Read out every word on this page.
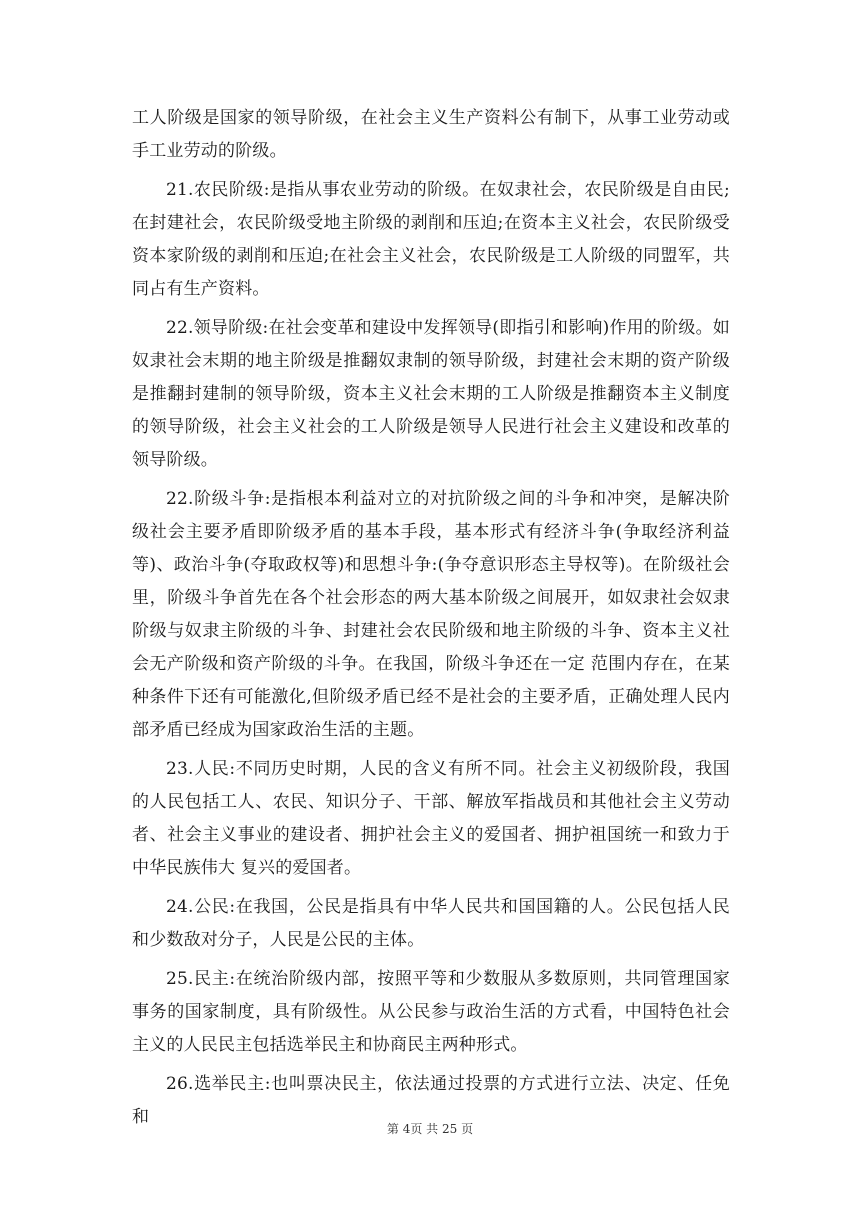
工人阶级是国家的领导阶级，在社会主义生产资料公有制下，从事工业劳动或手工业劳动的阶级。

21.农民阶级:是指从事农业劳动的阶级。在奴隶社会，农民阶级是自由民;在封建社会，农民阶级受地主阶级的剥削和压迫;在资本主义社会，农民阶级受资本家阶级的剥削和压迫;在社会主义社会，农民阶级是工人阶级的同盟军，共同占有生产资料。

22.领导阶级:在社会变革和建设中发挥领导(即指引和影响)作用的阶级。如奴隶社会末期的地主阶级是推翻奴隶制的领导阶级，封建社会末期的资产阶级是推翻封建制的领导阶级，资本主义社会末期的工人阶级是推翻资本主义制度的领导阶级，社会主义社会的工人阶级是领导人民进行社会主义建设和改革的领导阶级。

22.阶级斗争:是指根本利益对立的对抗阶级之间的斗争和冲突，是解决阶级社会主要矛盾即阶级矛盾的基本手段，基本形式有经济斗争(争取经济利益等)、政治斗争(夺取政权等)和思想斗争:(争夺意识形态主导权等)。在阶级社会里，阶级斗争首先在各个社会形态的两大基本阶级之间展开，如奴隶社会奴隶阶级与奴隶主阶级的斗争、封建社会农民阶级和地主阶级的斗争、资本主义社会无产阶级和资产阶级的斗争。在我国，阶级斗争还在一定 范围内存在，在某种条件下还有可能激化,但阶级矛盾已经不是社会的主要矛盾，正确处理人民内部矛盾已经成为国家政治生活的主题。

23.人民:不同历史时期，人民的含义有所不同。社会主义初级阶段，我国的人民包括工人、农民、知识分子、干部、解放军指战员和其他社会主义劳动者、社会主义事业的建设者、拥护社会主义的爱国者、拥护祖国统一和致力于中华民族伟大 复兴的爱国者。

24.公民:在我国，公民是指具有中华人民共和国国籍的人。公民包括人民和少数敌对分子，人民是公民的主体。

25.民主:在统治阶级内部，按照平等和少数服从多数原则，共同管理国家事务的国家制度，具有阶级性。从公民参与政治生活的方式看，中国特色社会主义的人民民主包括选举民主和协商民主两种形式。

26.选举民主:也叫票决民主，依法通过投票的方式进行立法、决定、任免和

第 4页 共 25 页
